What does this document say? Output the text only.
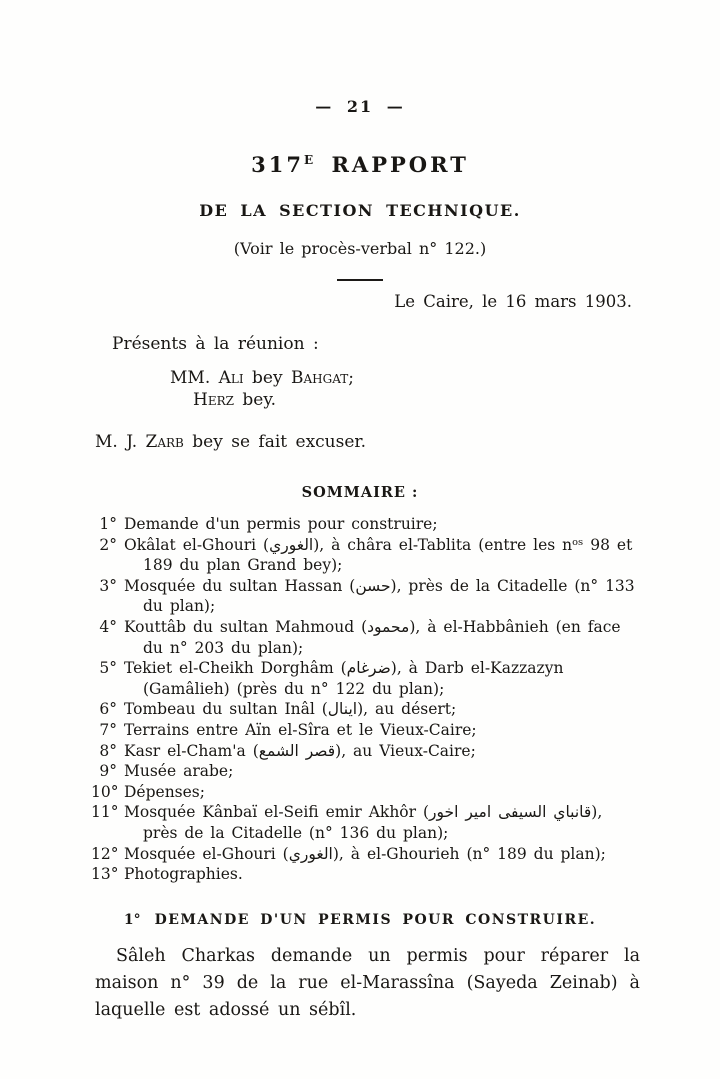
— 21 —
$317^E$ RAPPORT
DE LA SECTION TECHNIQUE.
(Voir le procès-verbal n° 122.)
Le Caire, le 16 mars 1903.
Présents à la réunion :
MM. Ali bey Bahgat;
Herz bey.
M. J. Zarb bey se fait excuser.
SOMMAIRE :
1° Demande d'un permis pour construire;
2° Okâlat el-Ghouri (الغوري), à châra el-Tablita (entre les nᵒˢ 98 et 189 du plan Grand bey);
3° Mosquée du sultan Hassan (حسن), près de la Citadelle (n° 133 du plan);
4° Kouttâb du sultan Mahmoud (محمود), à el-Habbânieh (en face du n° 203 du plan);
5° Tekiet el-Cheikh Dorghâm (ضرغام), à Darb el-Kazzazyn (Gamâlieh) (près du n° 122 du plan);
6° Tombeau du sultan Inâl (اينال), au désert;
7° Terrains entre Aïn el-Sîra et le Vieux-Caire;
8° Kasr el-Cham'a (قصر الشمع), au Vieux-Caire;
9° Musée arabe;
10° Dépenses;
11° Mosquée Kânbaï el-Seifi emir Akhôr (قانباي السيفى امير اخور), près de la Citadelle (n° 136 du plan);
12° Mosquée el-Ghouri (الغوري), à el-Ghourieh (n° 189 du plan);
13° Photographies.
1° DEMANDE D'UN PERMIS POUR CONSTRUIRE.
Sâleh Charkas demande un permis pour réparer la maison n° 39 de la rue el-Marassîna (Sayeda Zeinab) à laquelle est adossé un sébîl.
